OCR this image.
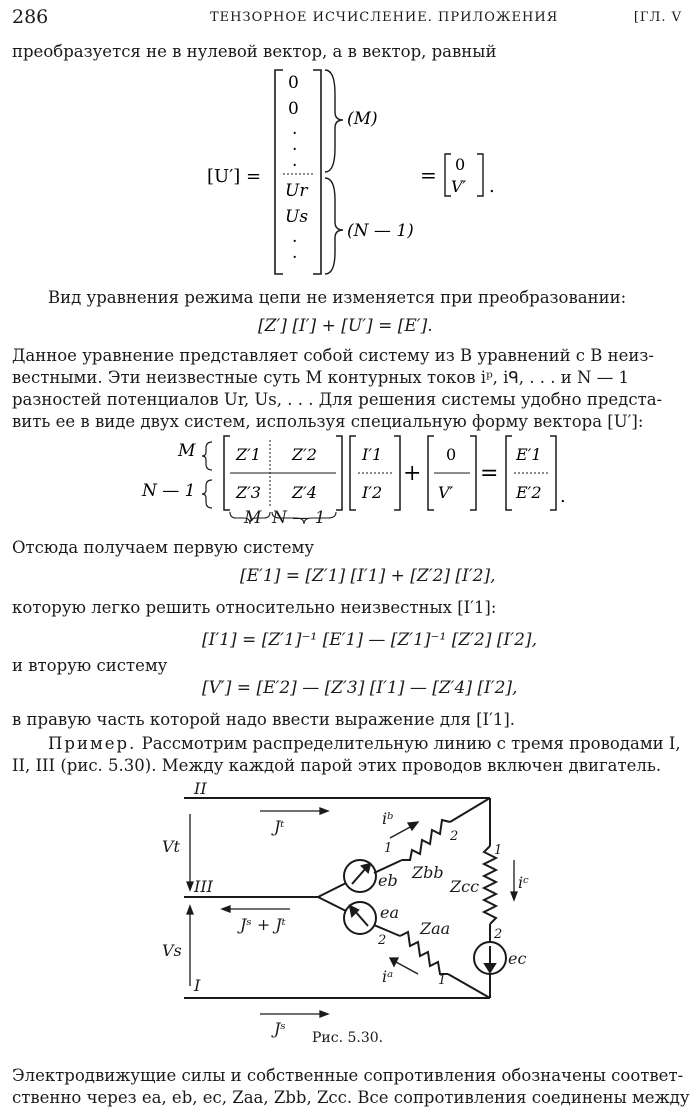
286	ТЕНЗОРНОЕ ИСЧИСЛЕНИЕ. ПРИЛОЖЕНИЯ	[ГЛ. V
преобразуется не в нулевой вектор, а в вектор, равный
[U′] =
0
0
.
.
.
Ur
Us
.
.
(M)
(N — 1)
= 0
V′ .
Вид уравнения режима цепи не изменяется при преобразовании:
[Z′] [I′] + [U′] = [E′].
Данное уравнение представляет собой систему из B уравнений с B неиз-
вестными. Эти неизвестные суть M контурных токов iᵖ, iᑫ, . . . и N — 1
разностей потенциалов Ur, Us, . . . Для решения системы удобно предста-
вить ее в виде двух систем, используя специальную форму вектора [U′]:
M
N — 1
Z′1 Z′2
Z′3 Z′4
I′1
I′2
+
0
V′
=
E′1
E′2 .
M N — 1
Отсюда получаем первую систему
[E′1] = [Z′1] [I′1] + [Z′2] [I′2],
которую легко решить относительно неизвестных [I′1]:
[I′1] = [Z′1]⁻¹ [E′1] — [Z′1]⁻¹ [Z′2] [I′2],
и вторую систему
[V′] = [E′2] — [Z′3] [I′1] — [Z′4] [I′2],
в правую часть которой надо ввести выражение для [I′1].
Пример. Рассмотрим распределительную линию с тремя проводами I,
II, III (рис. 5.30). Между каждой парой этих проводов включен двигатель.
II
III
I
Vt
Vs
Jᵗ
Jˢ + Jᵗ
Jˢ
iᵇ
iᵃ
iᶜ
Zbb
Zcc
Zaa
ea
eb
ec
2
1	1
2
2
1
Рис. 5.30.
Электродвижущие силы и собственные сопротивления обозначены соответ-
ственно через ea, eb, ec, Zaa, Zbb, Zcc. Все сопротивления соединены между
